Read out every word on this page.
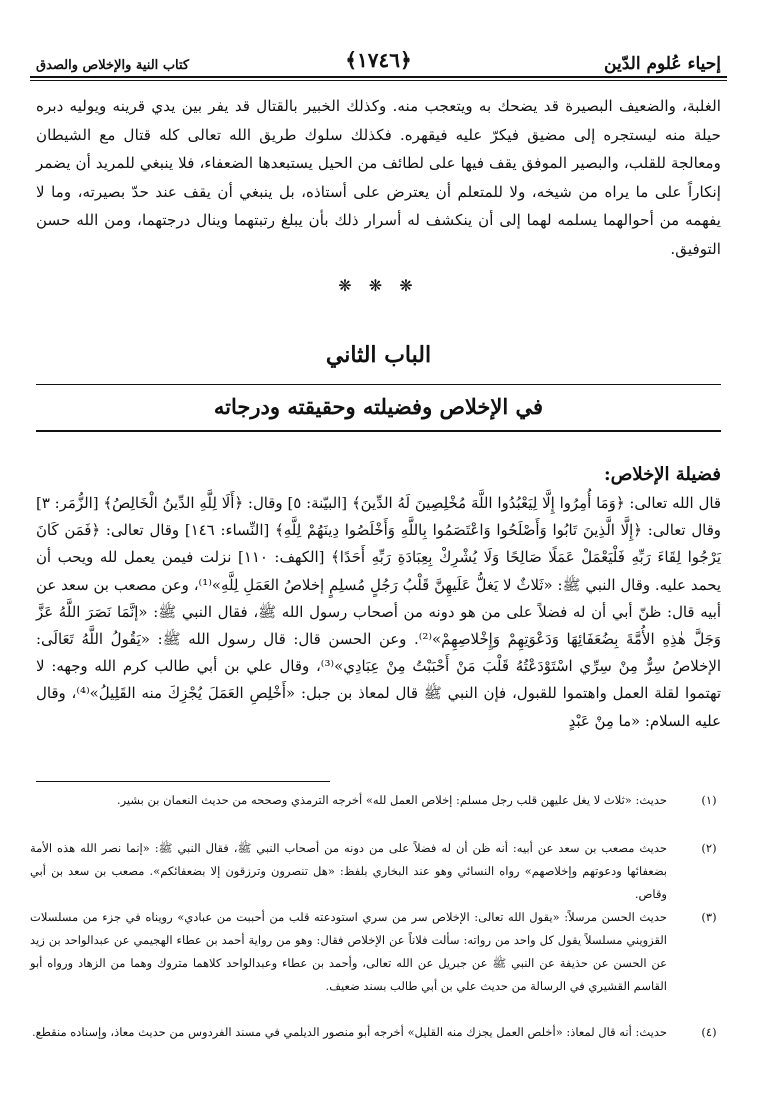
إحياء عُلوم الدّين
﴿١٧٤٦﴾
كتاب النية والإخلاص والصدق
الغلبة، والضعيف البصيرة قد يضحك به ويتعجب منه. وكذلك الخبير بالقتال قد يفر بين يدي قرينه ويوليه دبره حيلة منه ليستجره إلى مضيق فيكرّ عليه فيقهره. فكذلك سلوك طريق الله تعالى كله قتال مع الشيطان ومعالجة للقلب، والبصير الموفق يقف فيها على لطائف من الحيل يستبعدها الضعفاء، فلا ينبغي للمريد أن يضمر إنكاراً على ما يراه من شيخه، ولا للمتعلم أن يعترض على أستاذه، بل ينبغي أن يقف عند حدّ بصيرته، وما لا يفهمه من أحوالهما يسلمه لهما إلى أن ينكشف له أسرار ذلك بأن يبلغ رتبتهما وينال درجتهما، ومن الله حسن التوفيق.
❋ ❋ ❋
الباب الثاني
في الإخلاص وفضيلته وحقيقته ودرجاته
فضيلة الإخلاص:
قال الله تعالى: ﴿وَمَا أُمِرُوا إِلَّا لِيَعْبُدُوا اللَّهَ مُخْلِصِينَ لَهُ الدِّينَ﴾ [البيّنة: ٥] وقال: ﴿أَلَا لِلَّهِ الدِّينُ الْخَالِصُ﴾ [الزُّمَر: ٣] وقال تعالى: ﴿إِلَّا الَّذِينَ تَابُوا وَأَصْلَحُوا وَاعْتَصَمُوا بِاللَّهِ وَأَخْلَصُوا دِينَهُمْ لِلَّهِ﴾ [النِّساء: ١٤٦] وقال تعالى: ﴿فَمَن كَانَ يَرْجُوا لِقَاءَ رَبِّهِ فَلْيَعْمَلْ عَمَلًا صَالِحًا وَلَا يُشْرِكْ بِعِبَادَةِ رَبِّهِ أَحَدًا﴾ [الكهف: ١١٠] نزلت فيمن يعمل لله ويحب أن يحمد عليه. وقال النبي ﷺ: «ثَلاثٌ لا يَغلُّ عَلَيهِنَّ قَلْبُ رَجُلٍ مُسلِمٍ إخلاصُ العَمَلِ لِلَّهِ»⁽¹⁾، وعن مصعب بن سعد عن أبيه قال: ظنّ أبي أن له فضلاً على من هو دونه من أصحاب رسول الله ﷺ، فقال النبي ﷺ: «إنَّمَا نَصَرَ اللَّهُ عَزَّ وَجَلَّ هٰذِهِ الأُمَّةَ بِضُعَفَائِهَا وَدَعْوَتِهِمْ وَإِخْلاصِهِمْ»⁽²⁾. وعن الحسن قال: قال رسول الله ﷺ: «يَقُولُ اللَّهُ تَعَالَى: الإخلاصُ سِرٌّ مِنْ سِرِّي اسْتَوْدَعْتُهُ قَلْبَ مَنْ أَحْبَبْتُ مِنْ عِبَادِي»⁽³⁾، وقال علي بن أبي طالب كرم الله وجهه: لا تهتموا لقلة العمل واهتموا للقبول، فإن النبي ﷺ قال لمعاذ بن جبل: «أَخْلِصِ العَمَلَ يُجْزِكَ منه القَلِيلُ»⁽⁴⁾، وقال عليه السلام: «ما مِنْ عَبْدٍ
(١)
حديث: «ثلاث لا يغل عليهن قلب رجل مسلم: إخلاص العمل لله» أخرجه الترمذي وصححه من حديث النعمان بن بشير.
(٢)
حديث مصعب بن سعد عن أبيه: أنه ظن أن له فضلاً على من دونه من أصحاب النبي ﷺ، فقال النبي ﷺ: «إنما نصر الله هذه الأمة بضعفائها ودعوتهم وإخلاصهم» رواه النسائي وهو عند البخاري بلفظ: «هل تنصرون وترزقون إلا بضعفائكم». مصعب بن سعد بن أبي وقاص.
(٣)
حديث الحسن مرسلاً: «يقول الله تعالى: الإخلاص سر من سري استودعته قلب من أحببت من عبادي» رويناه في جزء من مسلسلات القزويني مسلسلاً يقول كل واحد من رواته: سألت فلاناً عن الإخلاص فقال: وهو من رواية أحمد بن عطاء الهجيمي عن عبدالواحد بن زيد عن الحسن عن حذيفة عن النبي ﷺ عن جبريل عن الله تعالى، وأحمد بن عطاء وعبدالواحد كلاهما متروك وهما من الزهاد ورواه أبو القاسم القشيري في الرسالة من حديث علي بن أبي طالب بسند ضعيف.
(٤)
حديث: أنه قال لمعاذ: «أخلص العمل يجزك منه القليل» أخرجه أبو منصور الديلمي في مسند الفردوس من حديث معاذ، وإسناده منقطع.
